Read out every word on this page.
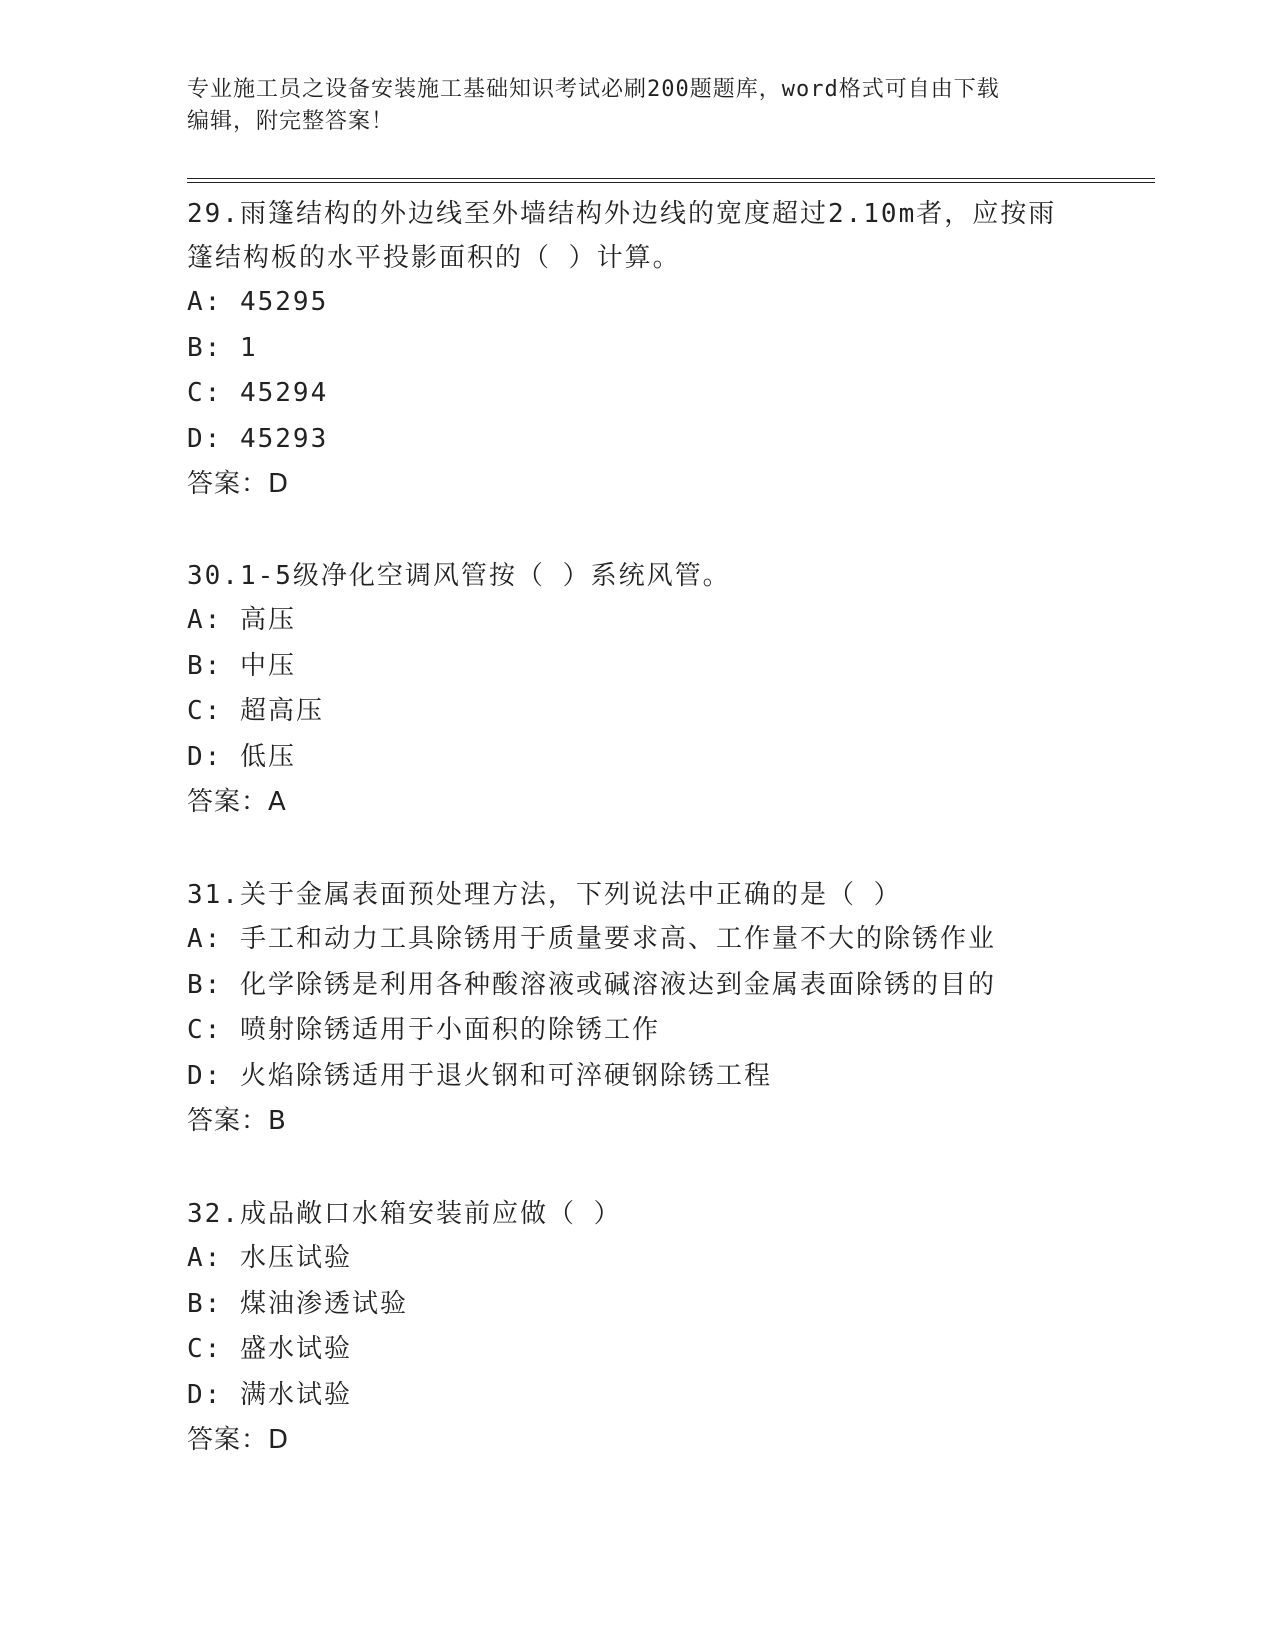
专业施工员之设备安装施工基础知识考试必刷200题题库，word格式可自由下载
编辑，附完整答案！

29.雨篷结构的外边线至外墙结构外边线的宽度超过2.10m者，应按雨
篷结构板的水平投影面积的（ ）计算。

A: 45295

B: 1

C: 45294

D: 45293

答案：D

30.1-5级净化空调风管按（ ）系统风管。

A: 高压

B: 中压

C: 超高压

D: 低压

答案：A

31.关于金属表面预处理方法，下列说法中正确的是（ ）

A: 手工和动力工具除锈用于质量要求高、工作量不大的除锈作业

B: 化学除锈是利用各种酸溶液或碱溶液达到金属表面除锈的目的

C: 喷射除锈适用于小面积的除锈工作

D: 火焰除锈适用于退火钢和可淬硬钢除锈工程

答案：B

32.成品敞口水箱安装前应做（ ）

A: 水压试验

B: 煤油渗透试验

C: 盛水试验

D: 满水试验

答案：D
